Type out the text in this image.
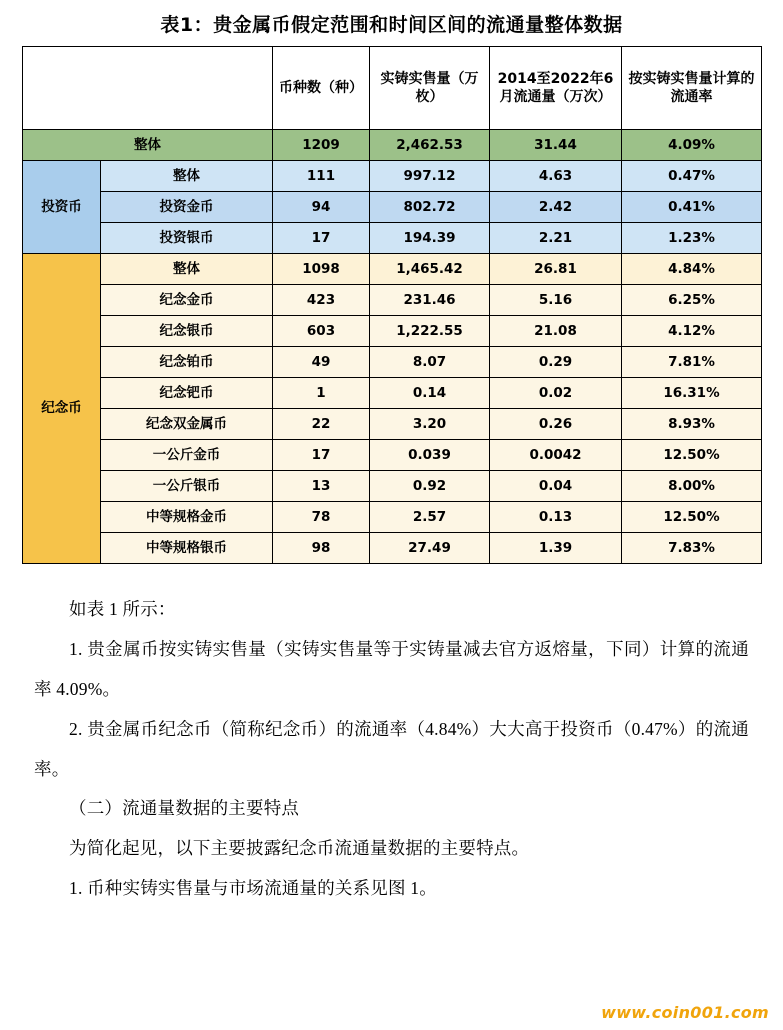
表1：贵金属币假定范围和时间区间的流通量整体数据
		币种数（种）	实铸实售量（万枚）	2014至2022年6月流通量（万次）	按实铸实售量计算的流通率
整体		1209	2,462.53	31.44	4.09%
投资币	整体	111	997.12	4.63	0.47%
	投资金币	94	802.72	2.42	0.41%
	投资银币	17	194.39	2.21	1.23%
纪念币	整体	1098	1,465.42	26.81	4.84%
	纪念金币	423	231.46	5.16	6.25%
	纪念银币	603	1,222.55	21.08	4.12%
	纪念铂币	49	8.07	0.29	7.81%
	纪念钯币	1	0.14	0.02	16.31%
	纪念双金属币	22	3.20	0.26	8.93%
	一公斤金币	17	0.039	0.0042	12.50%
	一公斤银币	13	0.92	0.04	8.00%
	中等规格金币	78	2.57	0.13	12.50%
	中等规格银币	98	27.49	1.39	7.83%

如表 1 所示：

1. 贵金属币按实铸实售量（实铸实售量等于实铸量减去官方返熔量，下同）计算的流通率 4.09%。

2. 贵金属币纪念币（简称纪念币）的流通率（4.84%）大大高于投资币（0.47%）的流通率。

（二）流通量数据的主要特点

为简化起见，以下主要披露纪念币流通量数据的主要特点。

1. 币种实铸实售量与市场流通量的关系见图 1。

www.coin001.com
